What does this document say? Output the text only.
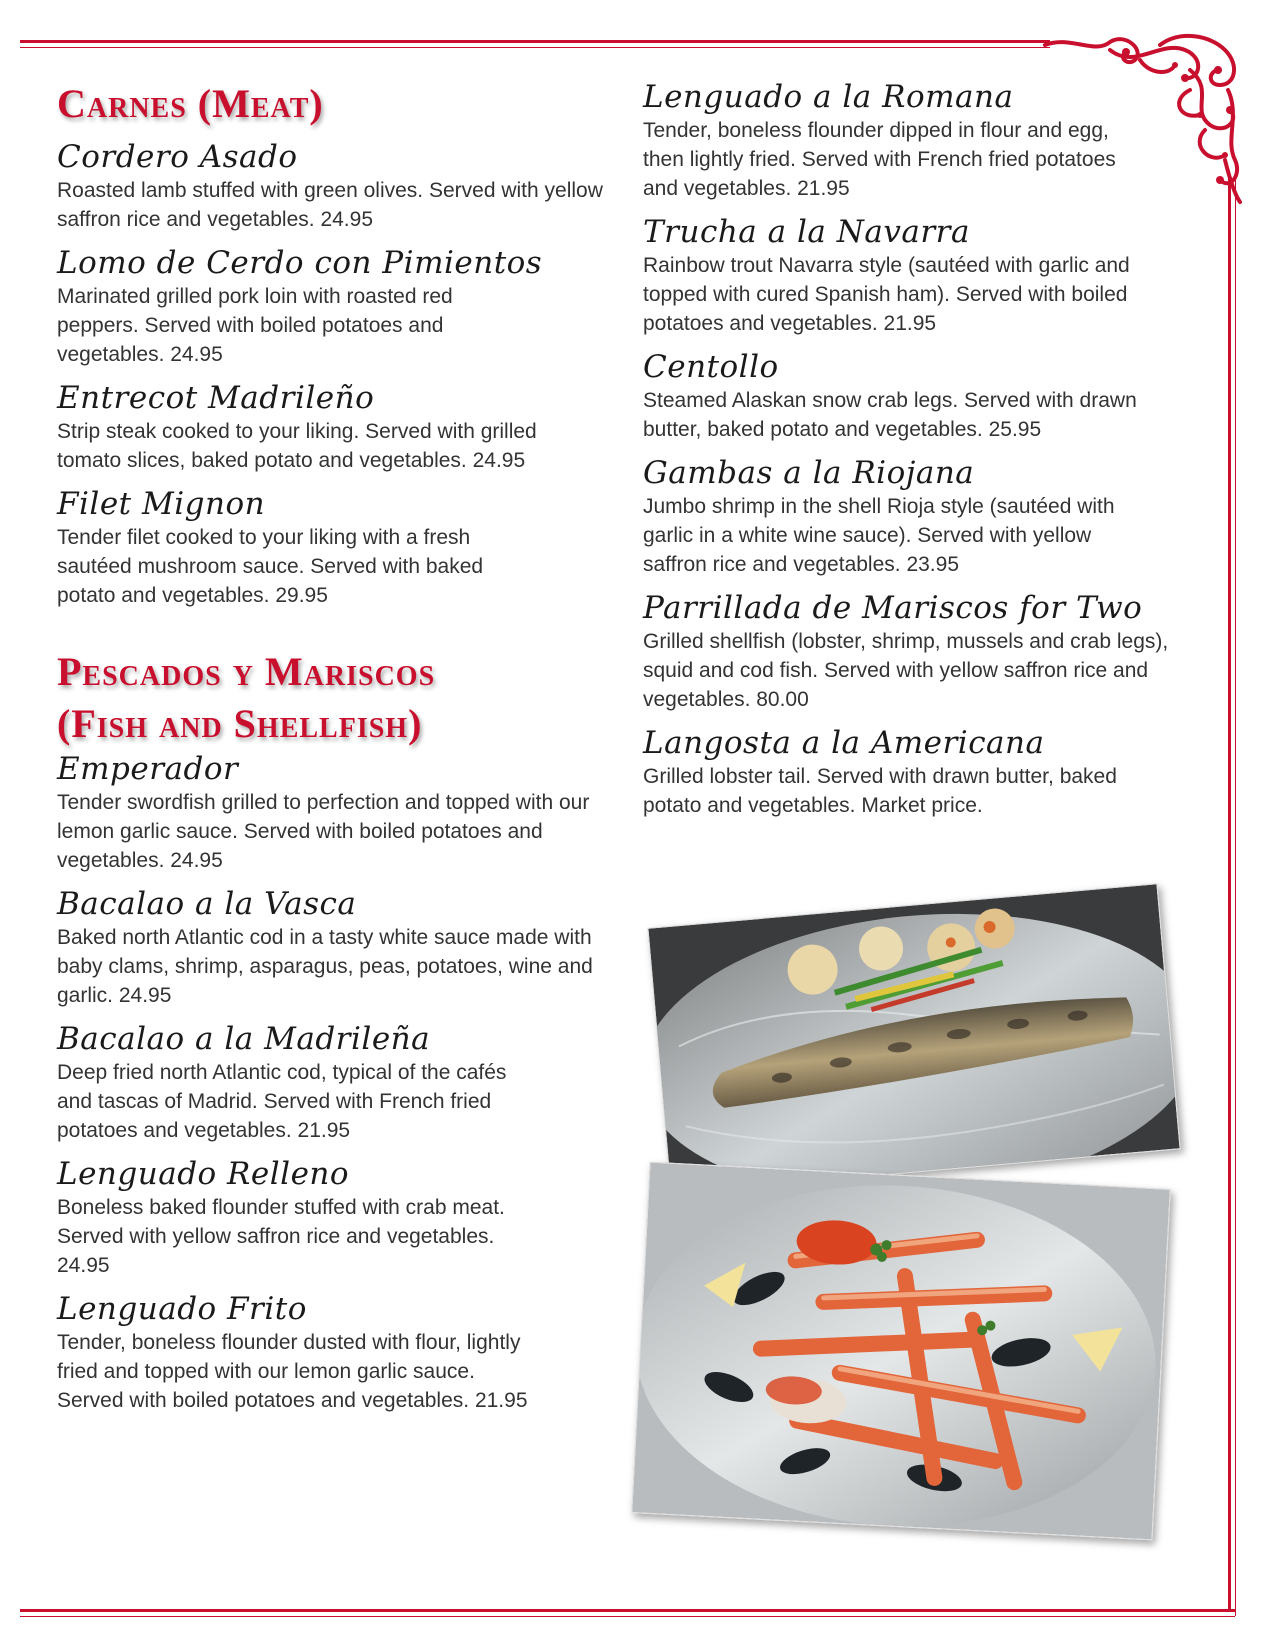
Carnes (Meat)
Cordero Asado
Roasted lamb stuffed with green olives. Served with yellow saffron rice and vegetables. 24.95
Lomo de Cerdo con Pimientos
Marinated grilled pork loin with roasted red peppers. Served with boiled potatoes and vegetables. 24.95
Entrecot Madrileño
Strip steak cooked to your liking. Served with grilled tomato slices, baked potato and vegetables. 24.95
Filet Mignon
Tender filet cooked to your liking with a fresh sautéed mushroom sauce. Served with baked potato and vegetables. 29.95
Pescados y Mariscos
(Fish and Shellfish)
Emperador
Tender swordfish grilled to perfection and topped with our lemon garlic sauce. Served with boiled potatoes and vegetables. 24.95
Bacalao a la Vasca
Baked north Atlantic cod in a tasty white sauce made with baby clams, shrimp, asparagus, peas, potatoes, wine and garlic. 24.95
Bacalao a la Madrileña
Deep fried north Atlantic cod, typical of the cafés and tascas of Madrid. Served with French fried potatoes and vegetables. 21.95
Lenguado Relleno
Boneless baked flounder stuffed with crab meat. Served with yellow saffron rice and vegetables. 24.95
Lenguado Frito
Tender, boneless flounder dusted with flour, lightly fried and topped with our lemon garlic sauce. Served with boiled potatoes and vegetables. 21.95
Lenguado a la Romana
Tender, boneless flounder dipped in flour and egg, then lightly fried. Served with French fried potatoes and vegetables. 21.95
Trucha a la Navarra
Rainbow trout Navarra style (sautéed with garlic and topped with cured Spanish ham). Served with boiled potatoes and vegetables. 21.95
Centollo
Steamed Alaskan snow crab legs. Served with drawn butter, baked potato and vegetables. 25.95
Gambas a la Riojana
Jumbo shrimp in the shell Rioja style (sautéed with garlic in a white wine sauce). Served with yellow saffron rice and vegetables. 23.95
Parrillada de Mariscos for Two
Grilled shellfish (lobster, shrimp, mussels and crab legs), squid and cod fish. Served with yellow saffron rice and vegetables. 80.00
Langosta a la Americana
Grilled lobster tail. Served with drawn butter, baked potato and vegetables. Market price.
